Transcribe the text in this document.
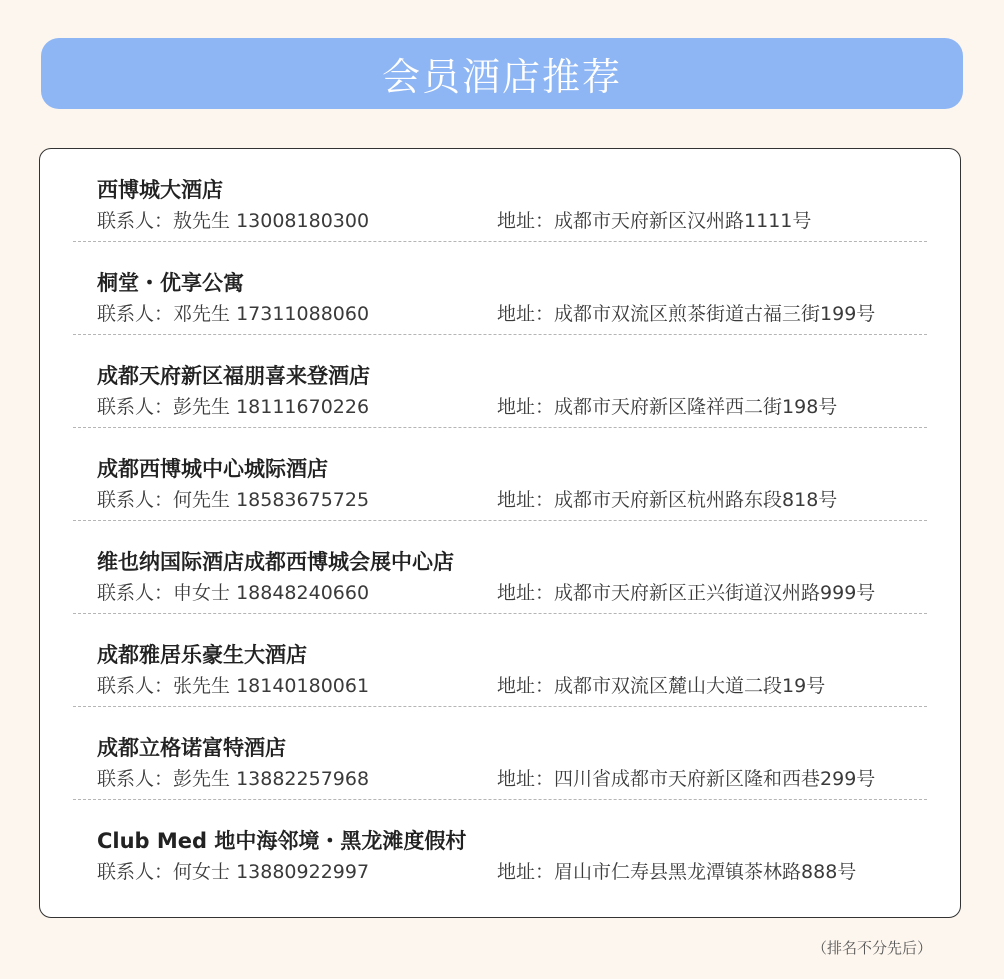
会员酒店推荐
西博城大酒店
联系人：敖先生 13008180300	地址：成都市天府新区汉州路1111号
桐堂・优享公寓
联系人：邓先生 17311088060	地址：成都市双流区煎茶街道古福三街199号
成都天府新区福朋喜来登酒店
联系人：彭先生 18111670226	地址：成都市天府新区隆祥西二街198号
成都西博城中心城际酒店
联系人：何先生 18583675725	地址：成都市天府新区杭州路东段818号
维也纳国际酒店成都西博城会展中心店
联系人：申女士 18848240660	地址：成都市天府新区正兴街道汉州路999号
成都雅居乐豪生大酒店
联系人：张先生 18140180061	地址：成都市双流区麓山大道二段19号
成都立格诺富特酒店
联系人：彭先生 13882257968	地址：四川省成都市天府新区隆和西巷299号
Club Med 地中海邻境・黑龙滩度假村
联系人：何女士 13880922997	地址：眉山市仁寿县黑龙潭镇茶林路888号
（排名不分先后）
